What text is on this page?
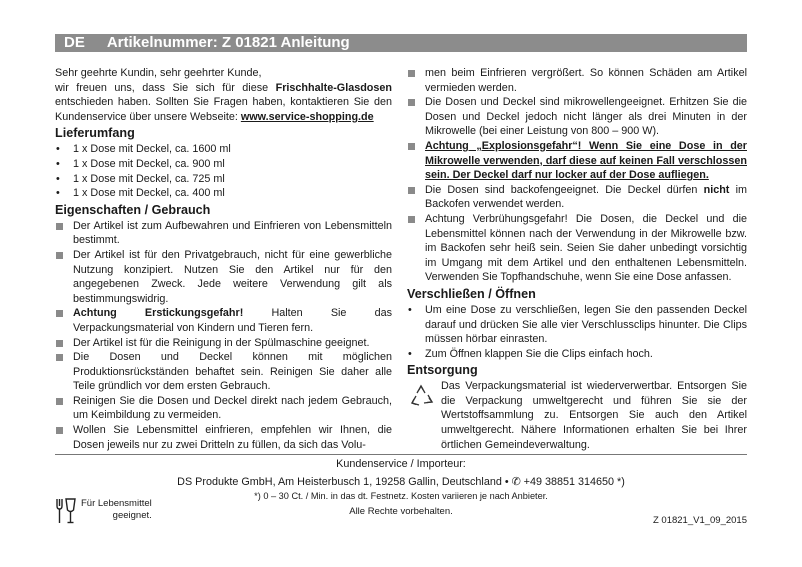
DE Artikelnummer: Z 01821 Anleitung

Sehr geehrte Kundin, sehr geehrter Kunde,

wir freuen uns, dass Sie sich für diese Frischhalte-Glasdosen entschieden haben. Sollten Sie Fragen haben, kontaktieren Sie den Kundenservice über unsere Webseite: www.service-shopping.de

Lieferumfang
• 1 x Dose mit Deckel, ca. 1600 ml
• 1 x Dose mit Deckel, ca. 900 ml
• 1 x Dose mit Deckel, ca. 725 ml
• 1 x Dose mit Deckel, ca. 400 ml
Eigenschaften / Gebrauch
Der Artikel ist zum Aufbewahren und Einfrieren von Lebensmitteln bestimmt.
Der Artikel ist für den Privatgebrauch, nicht für eine gewerbliche Nutzung konzipiert. Nutzen Sie den Artikel nur für den angegebenen Zweck. Jede weitere Verwendung gilt als bestimmungswidrig.
Achtung Erstickungsgefahr! Halten Sie das Verpackungsmaterial von Kindern und Tieren fern.
Der Artikel ist für die Reinigung in der Spülmaschine geeignet.
Die Dosen und Deckel können mit möglichen Produktionsrückständen behaftet sein. Reinigen Sie daher alle Teile gründlich vor dem ersten Gebrauch.
Reinigen Sie die Dosen und Deckel direkt nach jedem Gebrauch, um Keimbildung zu vermeiden.
Wollen Sie Lebensmittel einfrieren, empfehlen wir Ihnen, die Dosen jeweils nur zu zwei Dritteln zu füllen, da sich das Volu-
men beim Einfrieren vergrößert. So können Schäden am Artikel vermieden werden.
Die Dosen und Deckel sind mikrowellengeeignet. Erhitzen Sie die Dosen und Deckel jedoch nicht länger als drei Minuten in der Mikrowelle (bei einer Leistung von 800 – 900 W).
Achtung „Explosionsgefahr“! Wenn Sie eine Dose in der Mikrowelle verwenden, darf diese auf keinen Fall verschlossen sein. Der Deckel darf nur locker auf der Dose aufliegen.
Die Dosen sind backofengeeignet. Die Deckel dürfen nicht im Backofen verwendet werden.
Achtung Verbrühungsgefahr! Die Dosen, die Deckel und die Lebensmittel können nach der Verwendung in der Mikrowelle bzw. im Backofen sehr heiß sein. Seien Sie daher unbedingt vorsichtig im Umgang mit dem Artikel und den enthaltenen Lebensmitteln. Verwenden Sie Topfhandschuhe, wenn Sie eine Dose anfassen.
Verschließen / Öffnen
• Um eine Dose zu verschließen, legen Sie den passenden Deckel darauf und drücken Sie alle vier Verschlussclips hinunter. Die Clips müssen hörbar einrasten.
• Zum Öffnen klappen Sie die Clips einfach hoch.
Entsorgung
Das Verpackungsmaterial ist wiederverwertbar. Entsorgen Sie die Verpackung umweltgerecht und führen Sie sie der Wertstoffsammlung zu. Entsorgen Sie auch den Artikel umweltgerecht. Nähere Informationen erhalten Sie bei Ihrer örtlichen Gemeindeverwaltung.
Kundenservice / Importeur:
DS Produkte GmbH, Am Heisterbusch 1, 19258 Gallin, Deutschland • ✆ +49 38851 314650 *)
*) 0 – 30 Ct. / Min. in das dt. Festnetz. Kosten variieren je nach Anbieter.
Alle Rechte vorbehalten.
Für Lebensmittel
geeignet.	Z 01821_V1_09_2015
